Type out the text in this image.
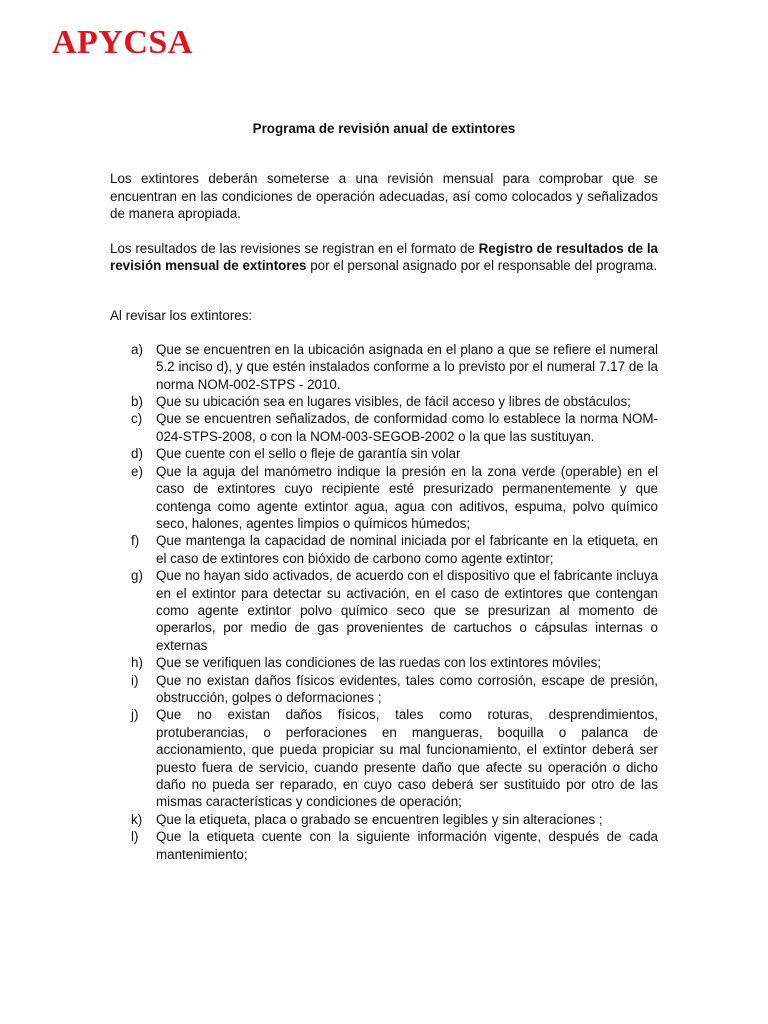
APYCSA

Programa de revisión anual de extintores

Los extintores deberán someterse a una revisión mensual para comprobar que se encuentran en las condiciones de operación adecuadas, así como colocados y señalizados de manera apropiada.

Los resultados de las revisiones se registran en el formato de Registro de resultados de la revisión mensual de extintores por el personal asignado por el responsable del programa.

Al revisar los extintores:

a) Que se encuentren en la ubicación asignada en el plano a que se refiere el numeral 5.2 inciso d), y que estén instalados conforme a lo previsto por el numeral 7.17 de la norma NOM-002-STPS - 2010.
b) Que su ubicación sea en lugares visibles, de fácil acceso y libres de obstáculos;
c) Que se encuentren señalizados, de conformidad como lo establece la norma NOM-024-STPS-2008, o con la NOM-003-SEGOB-2002 o la que las sustituyan.
d) Que cuente con el sello o fleje de garantía sin volar
e) Que la aguja del manómetro indique la presión en la zona verde (operable) en el caso de extintores cuyo recipiente esté presurizado permanentemente y que contenga como agente extintor agua, agua con aditivos, espuma, polvo químico seco, halones, agentes limpios o químicos húmedos;
f) Que mantenga la capacidad de nominal iniciada por el fabricante en la etiqueta, en el caso de extintores con bióxido de carbono como agente extintor;
g) Que no hayan sido activados, de acuerdo con el dispositivo que el fabricante incluya en el extintor para detectar su activación, en el caso de extintores que contengan como agente extintor polvo químico seco que se presurizan al momento de operarlos, por medio de gas provenientes de cartuchos o cápsulas internas o externas
h) Que se verifiquen las condiciones de las ruedas con los extintores móviles;
i) Que no existan daños físicos evidentes, tales como corrosión, escape de presión, obstrucción, golpes o deformaciones ;
j) Que no existan daños físicos, tales como roturas, desprendimientos, protuberancias, o perforaciones en mangueras, boquilla o palanca de accionamiento, que pueda propiciar su mal funcionamiento, el extintor deberá ser puesto fuera de servicio, cuando presente daño que afecte su operación o dicho daño no pueda ser reparado, en cuyo caso deberá ser sustituido por otro de las mismas características y condiciones de operación;
k) Que la etiqueta, placa o grabado se encuentren legibles y sin alteraciones ;
l) Que la etiqueta cuente con la siguiente información vigente, después de cada mantenimiento;
